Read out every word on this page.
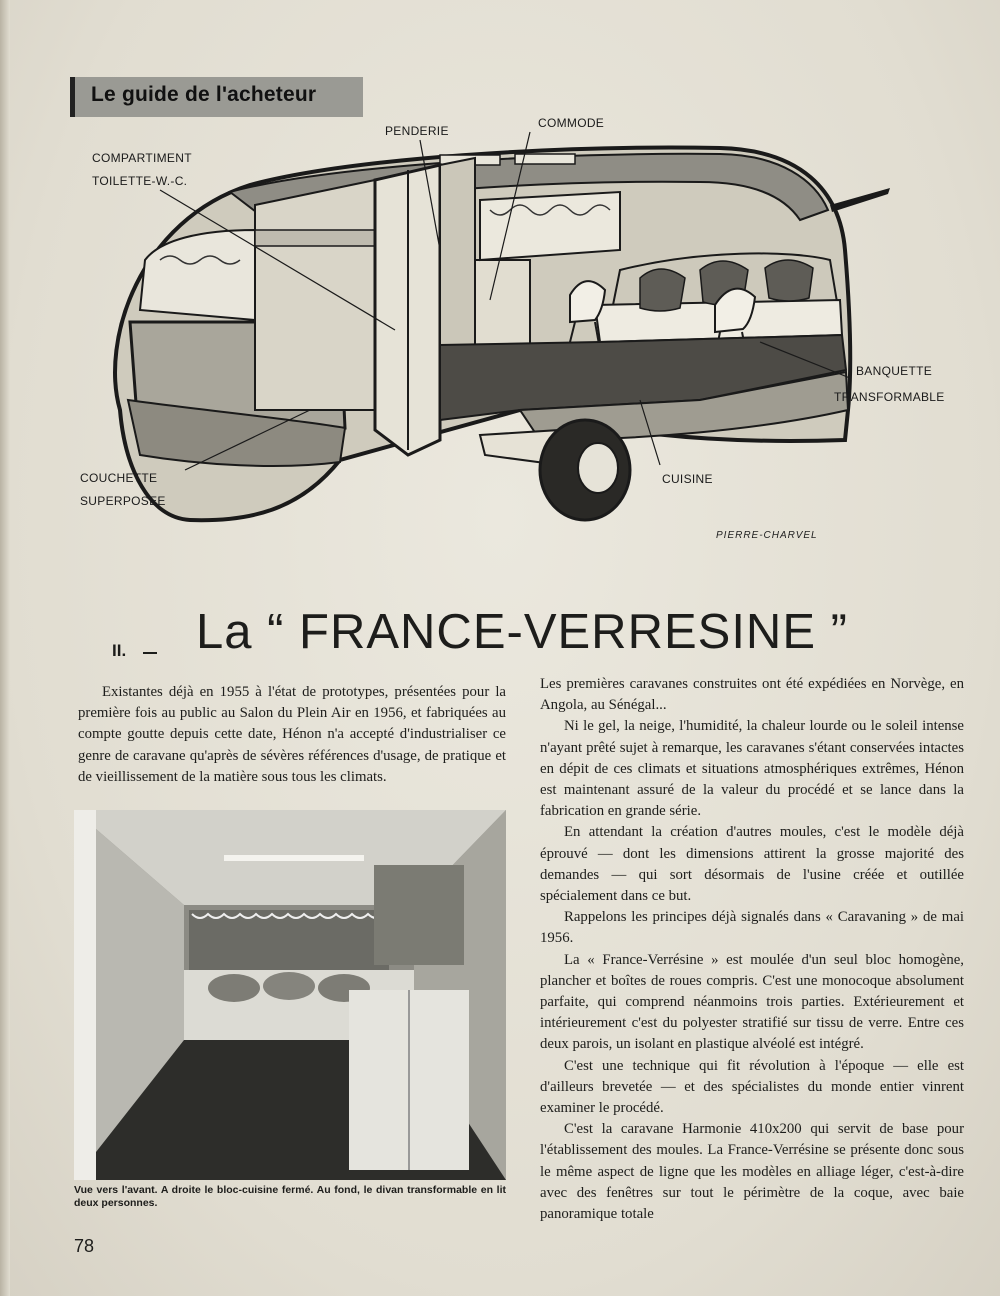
Le guide de l'acheteur
PENDERIE
COMMODE
COMPARTIMENT
TOILETTE-W.-C.
BANQUETTE
TRANSFORMABLE
COUCHETTE
SUPERPOSEE
CUISINE
PIERRE-CHARVEL
II. La “ FRANCE-VERRESINE ”

Existantes déjà en 1955 à l'état de prototypes, présentées pour la première fois au public au Salon du Plein Air en 1956, et fabriquées au compte goutte depuis cette date, Hénon n'a accepté d'industrialiser ce genre de caravane qu'après de sévères références d'usage, de pratique et de vieillissement de la matière sous tous les climats.

Vue vers l'avant. A droite le bloc-cuisine fermé. Au fond, le divan transformable en lit deux personnes.

Les premières caravanes construites ont été expédiées en Norvège, en Angola, au Sénégal...

Ni le gel, la neige, l'humidité, la chaleur lourde ou le soleil intense n'ayant prêté sujet à remarque, les caravanes s'étant conservées intactes en dépit de ces climats et situations atmosphériques extrêmes, Hénon est maintenant assuré de la valeur du procédé et se lance dans la fabrication en grande série.

En attendant la création d'autres moules, c'est le modèle déjà éprouvé — dont les dimensions attirent la grosse majorité des demandes — qui sort désormais de l'usine créée et outillée spécialement dans ce but.

Rappelons les principes déjà signalés dans « Caravaning » de mai 1956.

La « France-Verrésine » est moulée d'un seul bloc homogène, plancher et boîtes de roues compris. C'est une monocoque absolument parfaite, qui comprend néanmoins trois parties. Extérieurement et intérieurement c'est du polyester stratifié sur tissu de verre. Entre ces deux parois, un isolant en plastique alvéolé est intégré.

C'est une technique qui fit révolution à l'époque — elle est d'ailleurs brevetée — et des spécialistes du monde entier vinrent examiner le procédé.

C'est la caravane Harmonie 410x200 qui servit de base pour l'établissement des moules. La France-Verrésine se présente donc sous le même aspect de ligne que les modèles en alliage léger, c'est-à-dire avec des fenêtres sur tout le périmètre de la coque, avec baie panoramique totale

78
